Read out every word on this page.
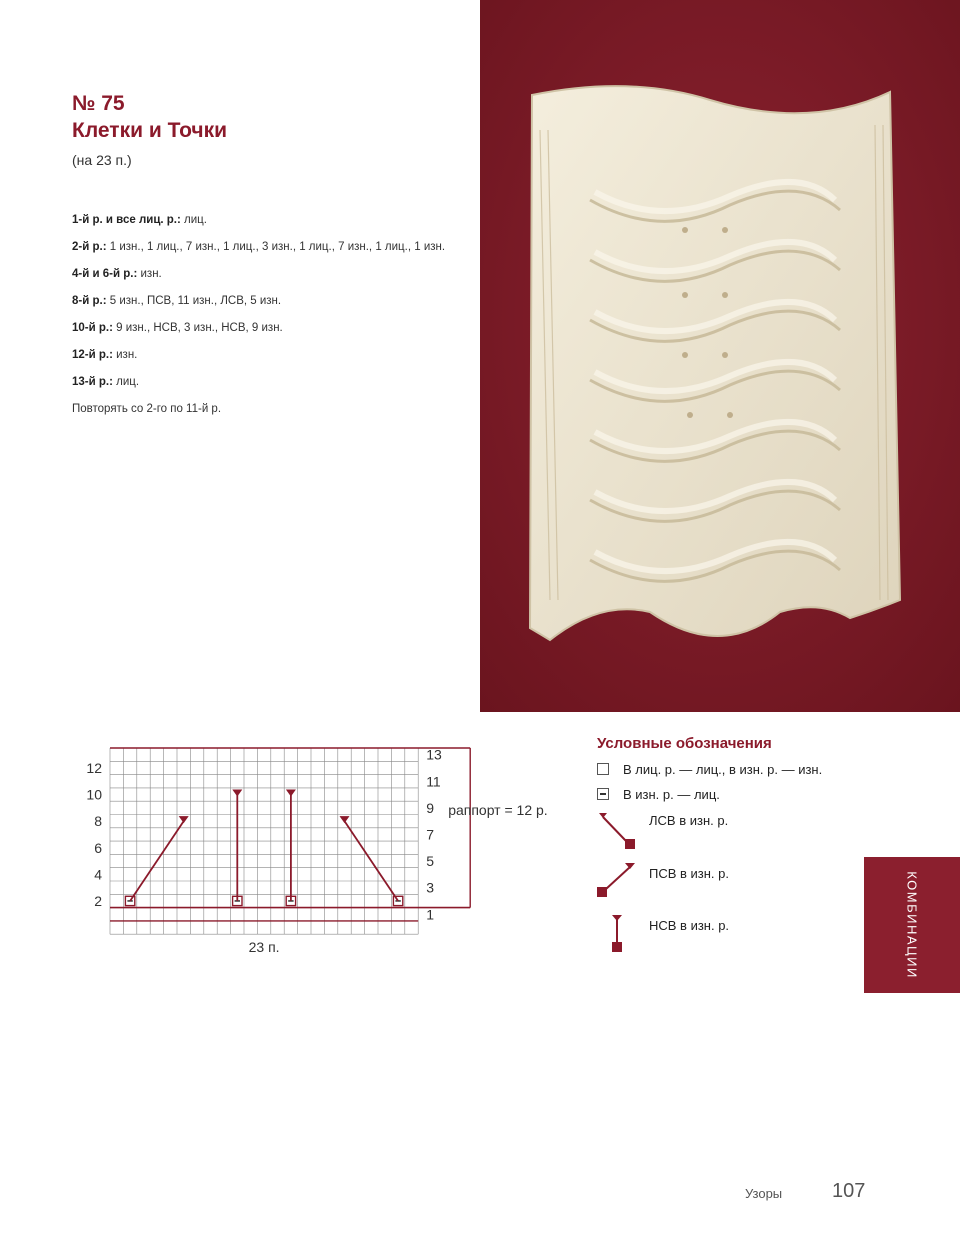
№ 75
Клетки и Точки
(на 23 п.)
1-й р. и все лиц. р.: лиц.
2-й р.: 1 изн., 1 лиц., 7 изн., 1 лиц., 3 изн., 1 лиц., 7 изн., 1 лиц., 1 изн.
4-й и 6-й р.: изн.
8-й р.: 5 изн., ПСВ, 11 изн., ЛСВ, 5 изн.
10-й р.: 9 изн., НСВ, 3 изн., НСВ, 9 изн.
12-й р.: изн.
13-й р.: лиц.
Повторять со 2-го по 11-й р.
12
10
8
6
4
2
13
11
9
7
5
3
1
23 п.
раппорт = 12 р.
Условные обозначения
В лиц. р. — лиц., в изн. р. — изн.
В изн. р. — лиц.
ЛСВ в изн. р.
ПСВ в изн. р.
НСВ в изн. р.	КОМБИНАЦИИ
Узоры 107
